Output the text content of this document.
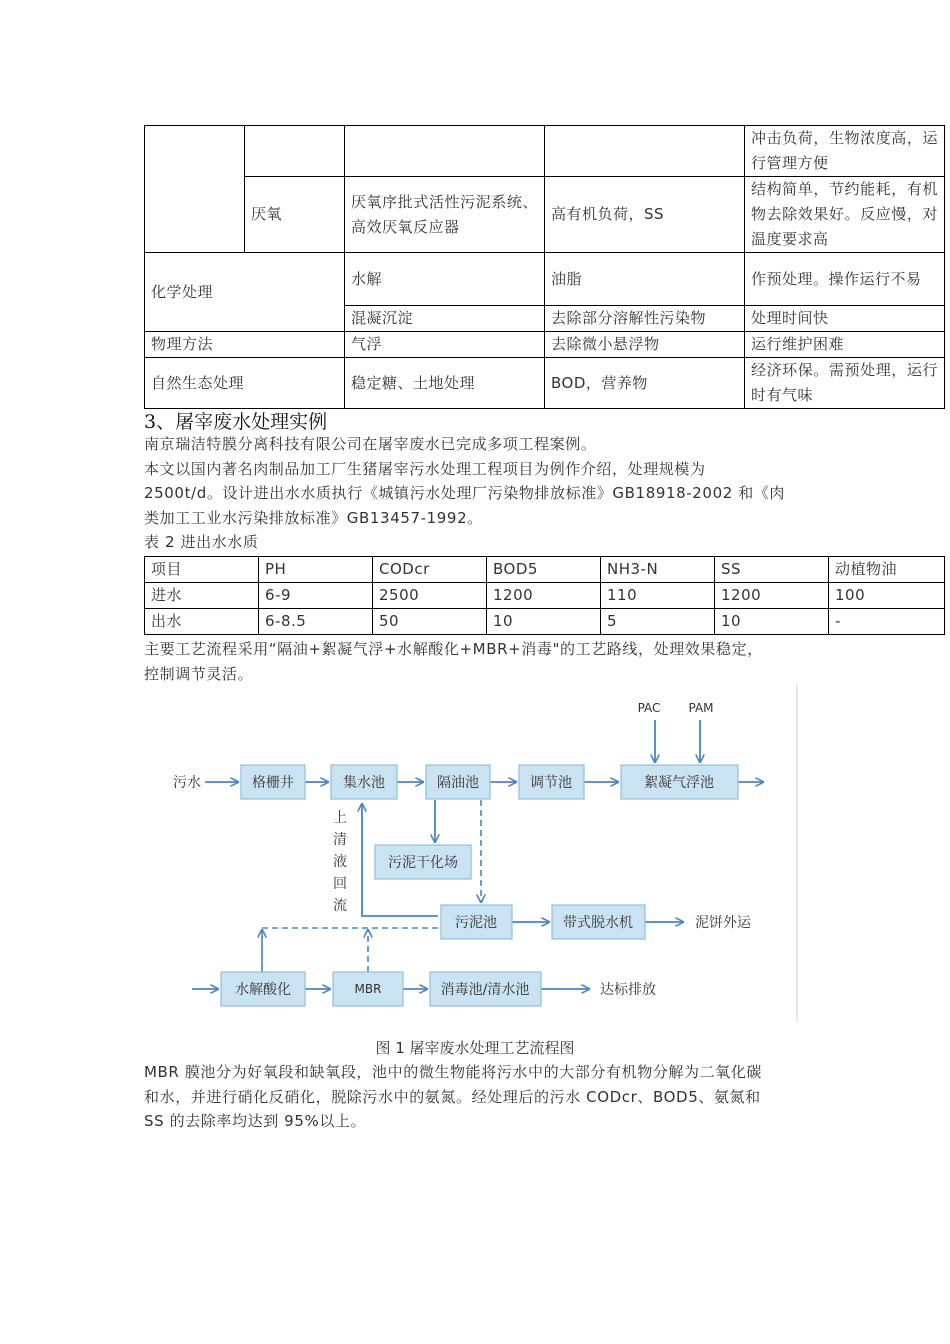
				冲击负荷，生物浓度高，运行管理方便
	厌氧	厌氧序批式活性污泥系统、高效厌氧反应器	高有机负荷，SS	结构简单，节约能耗，有机物去除效果好。反应慢，对温度要求高
化学处理		水解	油脂	作预处理。操作运行不易
		混凝沉淀	去除部分溶解性污染物	处理时间快
物理方法		气浮	去除微小悬浮物	运行维护困难
自然生态处理		稳定糖、土地处理	BOD，营养物	经济环保。需预处理，运行时有气味
3、屠宰废水处理实例
南京瑞洁特膜分离科技有限公司在屠宰废水已完成多项工程案例。
本文以国内著名肉制品加工厂生猪屠宰污水处理工程项目为例作介绍，处理规模为
2500t/d。设计进出水水质执行《城镇污水处理厂污染物排放标准》GB18918-2002 和《肉
类加工工业水污染排放标准》GB13457-1992。
表 2 进出水水质
项目	PH	CODcr	BOD5	NH3-N	SS	动植物油
进水	6-9	2500	1200	110	1200	100
出水	6-8.5	50	10	5	10	-
主要工艺流程采用“隔油+絮凝气浮+水解酸化+MBR+消毒"的工艺路线，处理效果稳定，
控制调节灵活。
PAC PAM
污水	格栅井	集水池	隔油池	调节池	絮凝气浮池
上
清
液
回
流
污泥干化场
污泥池	带式脱水机	泥饼外运
水解酸化	MBR	消毒池/清水池	达标排放
图 1 屠宰废水处理工艺流程图
MBR 膜池分为好氧段和缺氧段，池中的微生物能将污水中的大部分有机物分解为二氧化碳
和水，并进行硝化反硝化，脱除污水中的氨氮。经处理后的污水 CODcr、BOD5、氨氮和
SS 的去除率均达到 95%以上。
